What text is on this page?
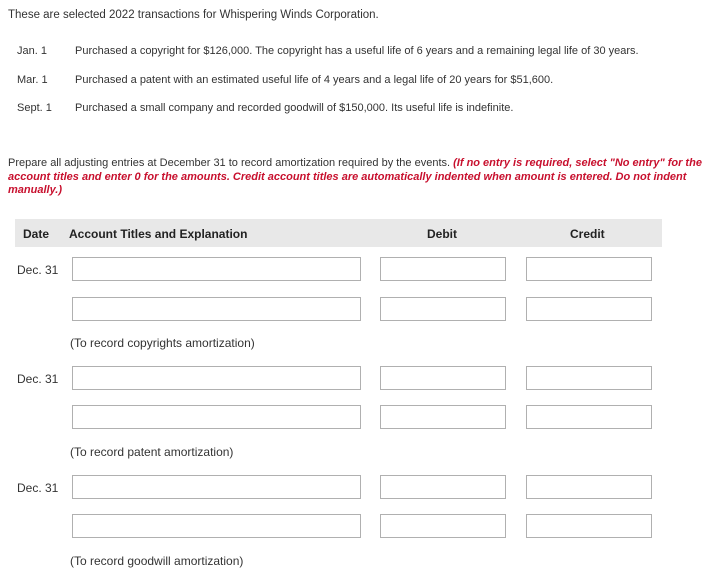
These are selected 2022 transactions for Whispering Winds Corporation.
Jan. 1	Purchased a copyright for $126,000. The copyright has a useful life of 6 years and a remaining legal life of 30 years.
Mar. 1	Purchased a patent with an estimated useful life of 4 years and a legal life of 20 years for $51,600.
Sept. 1	Purchased a small company and recorded goodwill of $150,000. Its useful life is indefinite.
Prepare all adjusting entries at December 31 to record amortization required by the events. (If no entry is required, select "No entry" for the account titles and enter 0 for the amounts. Credit account titles are automatically indented when amount is entered. Do not indent manually.)
Date Account Titles and Explanation	Debit	Credit
Dec. 31
(To record copyrights amortization)
Dec. 31
(To record patent amortization)
Dec. 31
(To record goodwill amortization)
